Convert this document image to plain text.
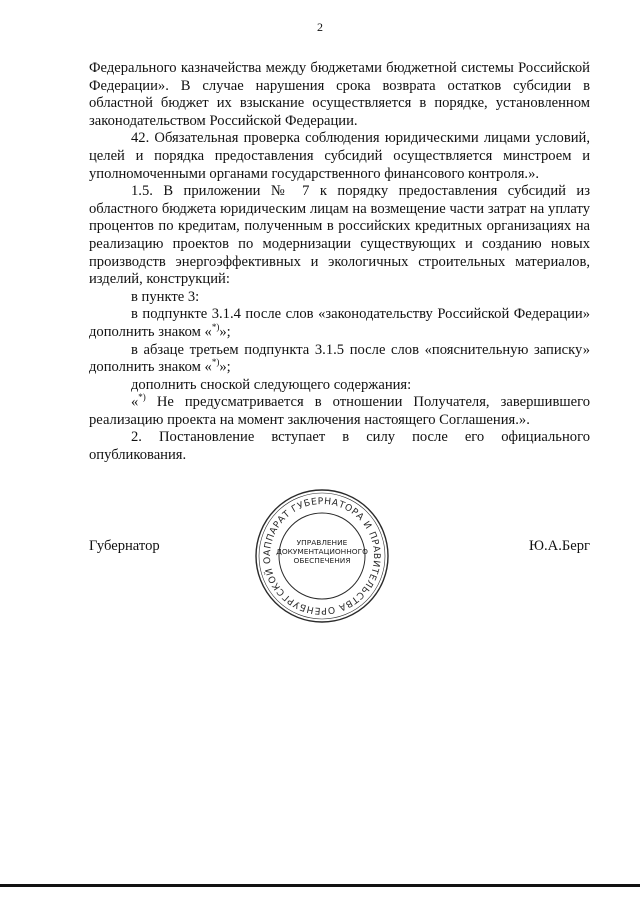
2

Федерального казначейства между бюджетами бюджетной системы Российской Федерации». В случае нарушения срока возврата остатков субсидии в областной бюджет их взыскание осуществляется в порядке, установленном законодательством Российской Федерации.

42. Обязательная проверка соблюдения юридическими лицами условий, целей и порядка предоставления субсидий осуществляется минстроем и уполномоченными органами государственного финансового контроля.».

1.5. В приложении № 7 к порядку предоставления субсидий из областного бюджета юридическим лицам на возмещение части затрат на уплату процентов по кредитам, полученным в российских кредитных организациях на реализацию проектов по модернизации существующих и созданию новых производств энергоэффективных и экологичных строительных материалов, изделий, конструкций:

в пункте 3:

в подпункте 3.1.4 после слов «законодательству Российской Федерации» дополнить знаком «*)»;

в абзаце третьем подпункта 3.1.5 после слов «пояснительную записку» дополнить знаком «*)»;

дополнить сноской следующего содержания:

«*) Не предусматривается в отношении Получателя, завершившего реализацию проекта на момент заключения настоящего Соглашения.».

2. Постановление вступает в силу после его официального опубликования.

Губернатор	Ю.А.Берг
АППАРАТ ГУБЕРНАТОРА И ПРАВИТЕЛЬСТВА ОРЕНБУРГСКОЙ О
УПРАВЛЕНИЕ
ДОКУМЕНТАЦИОННОГО
ОБЕСПЕЧЕНИЯ
